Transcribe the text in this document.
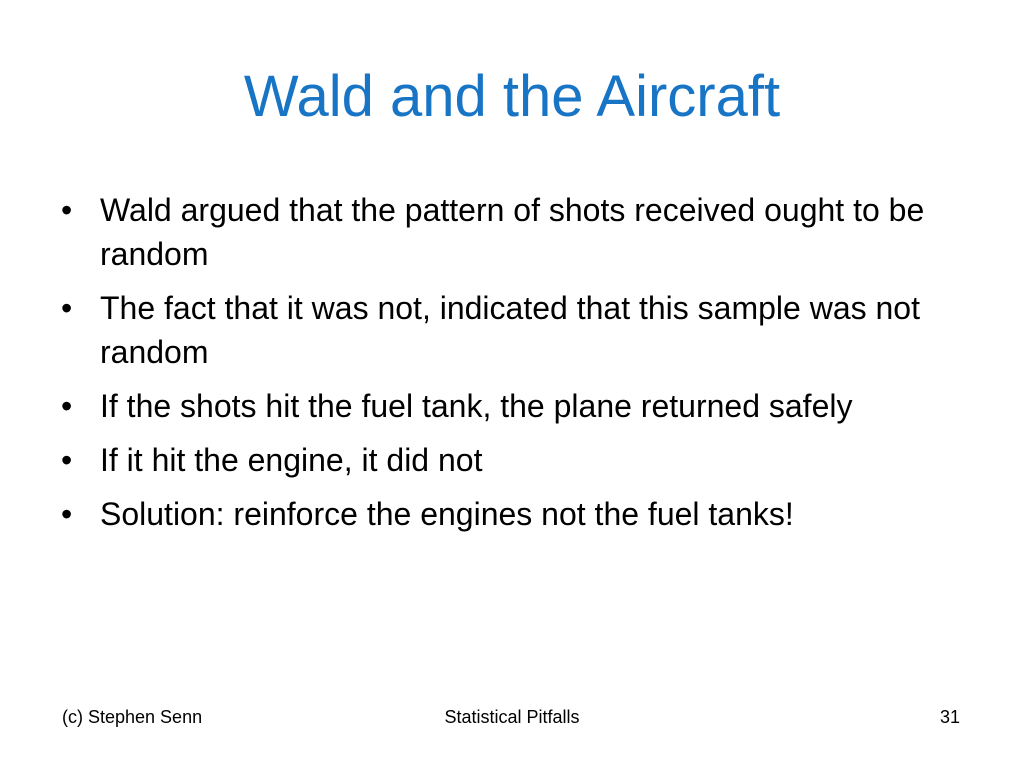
Wald and the Aircraft
• Wald argued that the pattern of shots received ought to be random
• The fact that it was not, indicated that this sample was not random
• If the shots hit the fuel tank, the plane returned safely
• If it hit the engine, it did not
• Solution: reinforce the engines not the fuel tanks!
(c) Stephen Senn	Statistical Pitfalls	31
